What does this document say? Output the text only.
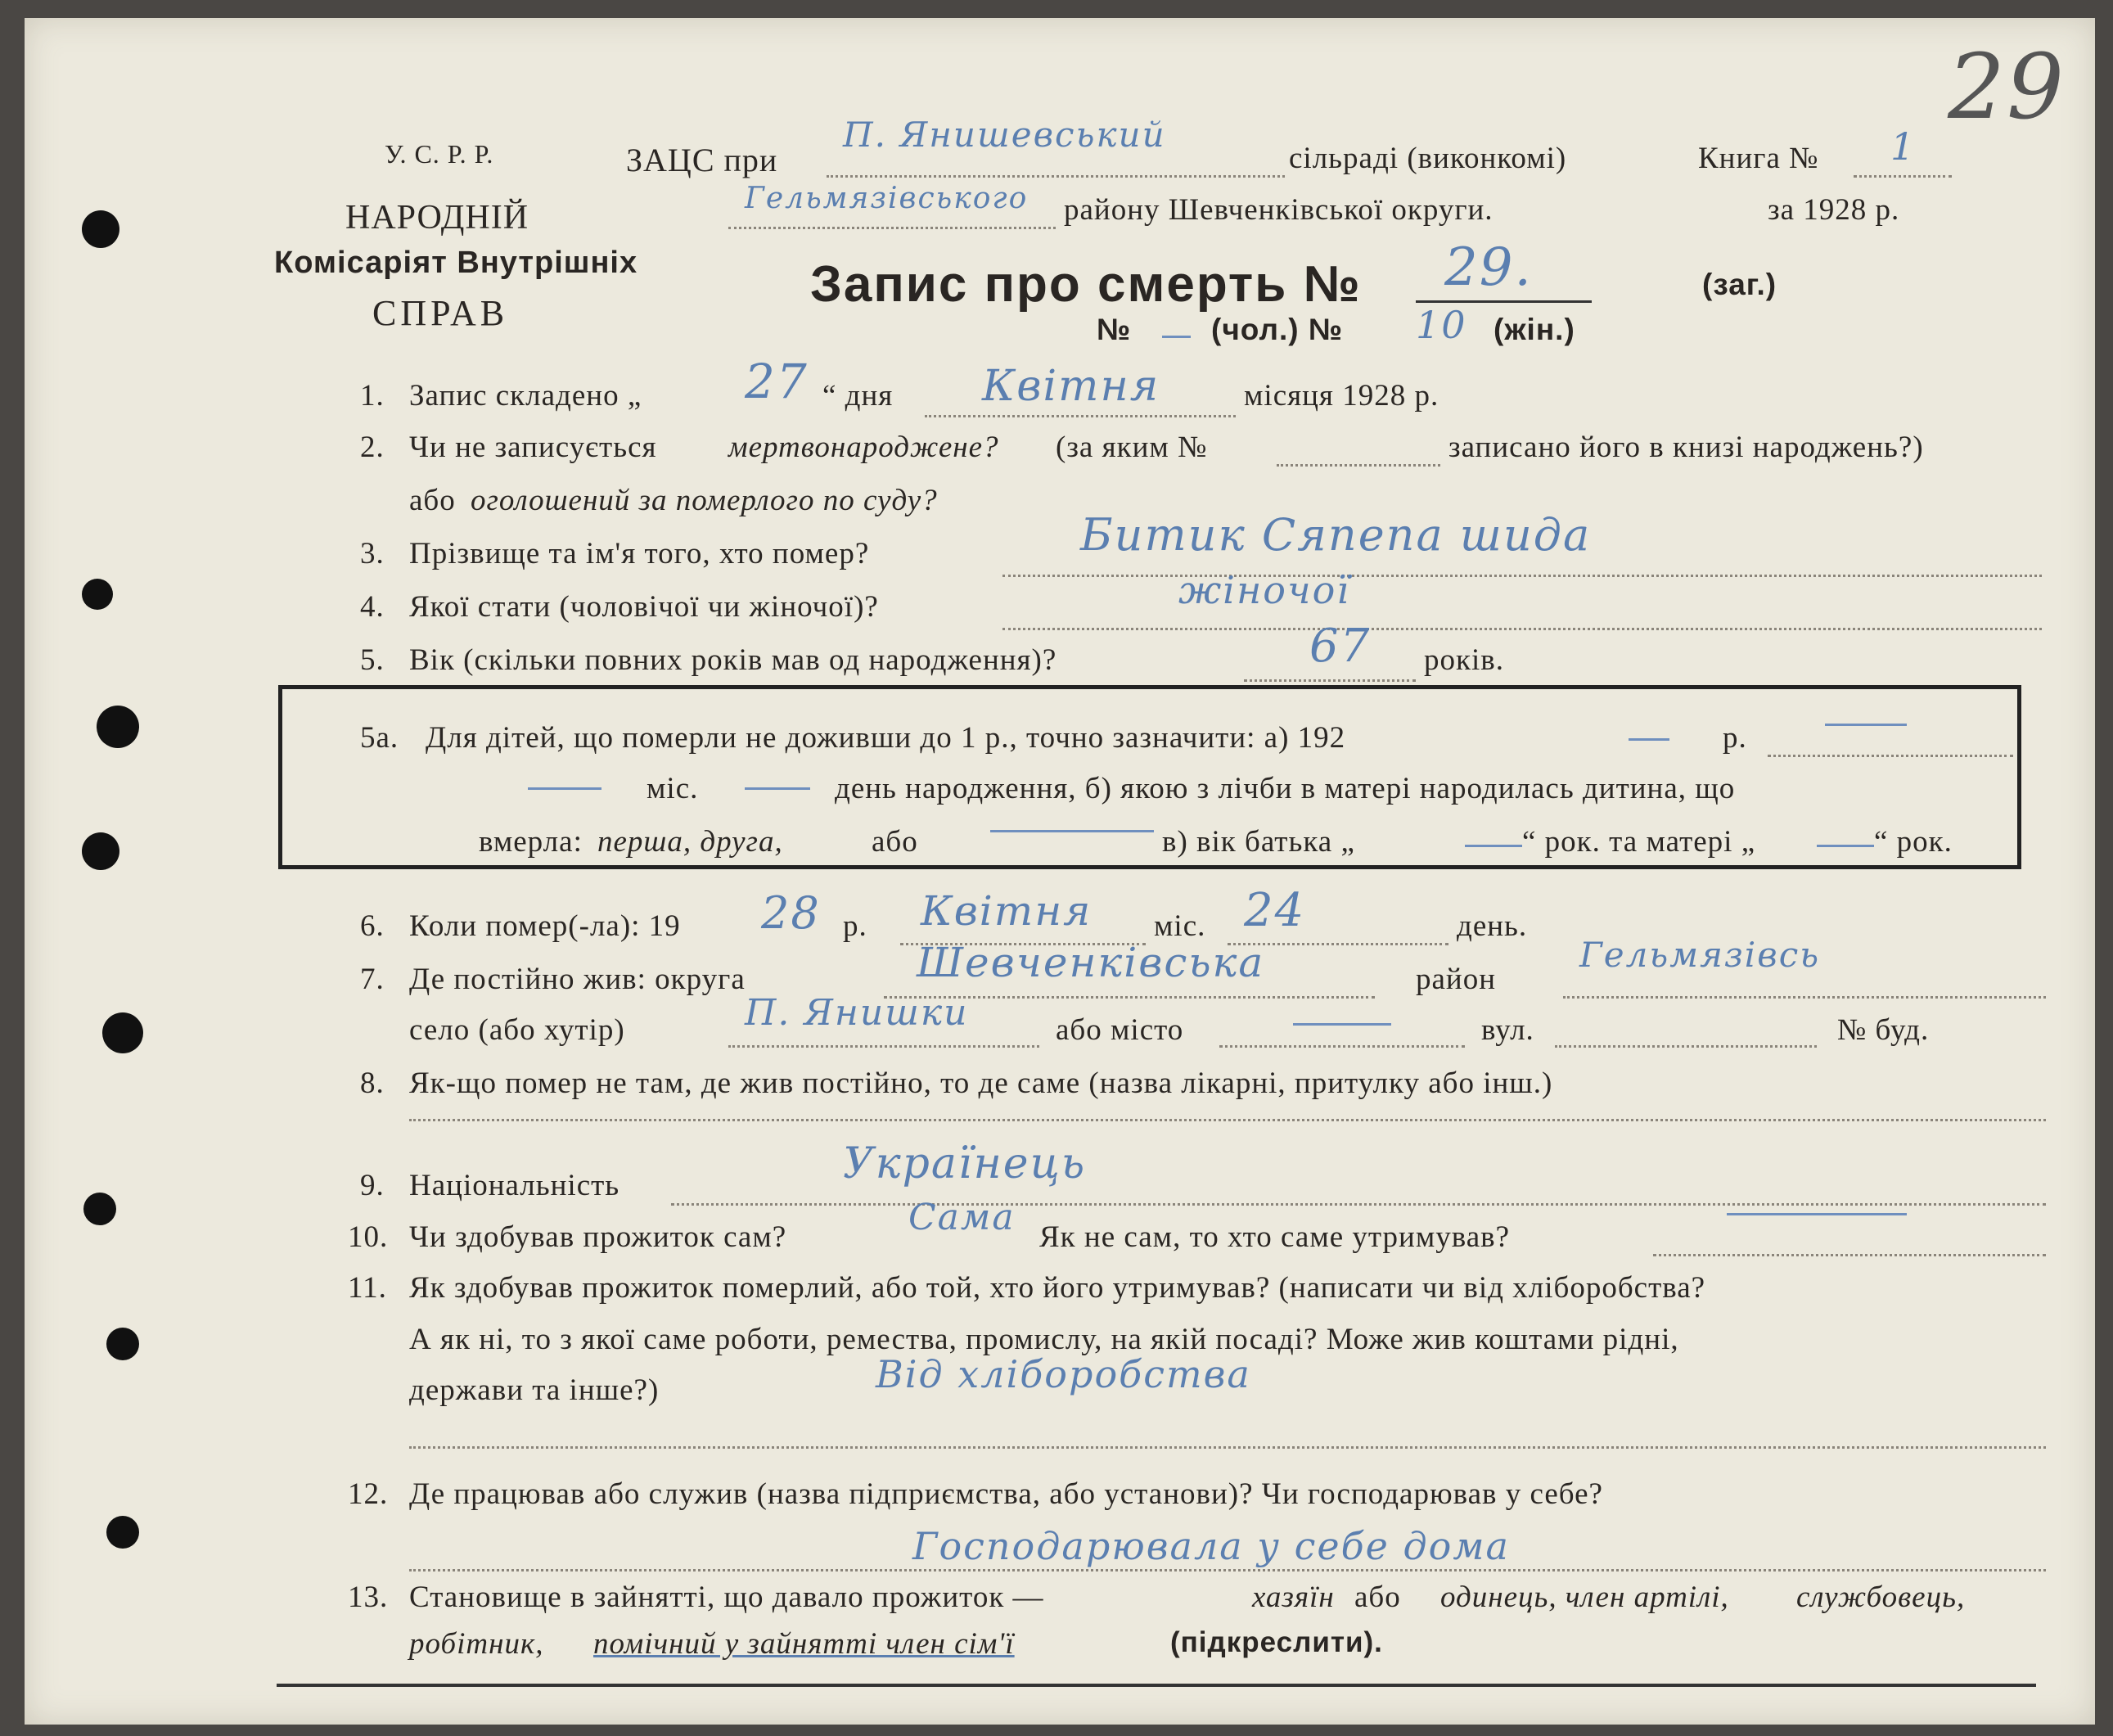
29
У. С. Р. Р.
НАРОДНІЙ
Комісаріят Внутрішніх
СПРАВ
ЗАЦС при
П. Янишевський
сільраді (виконкомі)	Книга № 1
Гельмязівського району Шевченківської округи.	за 1928 р.
Запис про смерть № 29.	(заг.)
№	(чол.) № 10 (жін.)
1. Запис складено „ 27 “ дня Квітня	місяця 1928 р.
2. Чи не записується мертвонароджене? (за яким №	записано його в книзі народжень?)
або оголошений за померлого по суду?
3. Прізвище та ім'я того, хто помер?	Битик Сяпепа шида
4. Якої стати (чоловічої чи жіночої)?	жіночої
5. Вік (скільки повних років мав од народження)?	67 років.
5а. Для дітей, що померли не доживши до 1 р., точно зазначити: а) 192	р.
міс.	день народження, б) якою з лічби в матері народилась дитина, що
вмерла: перша, друга,	або	в) вік батька „	“ рок. та матері „	“ рок.
6. Коли помер(-ла): 19 28 р. Квітня міс. 24	день.
7. Де постійно жив: округа	Шевченківська	район
Гельмязівсь
село (або хутір)	П. Янишки	або місто	вул.	№ буд.
8. Як-що помер не там, де жив постійно, то де саме (назва лікарні, притулку або інш.)
9. Національність	Українець
10. Чи здобував прожиток сам?	Сама Як не сам, то хто саме утримував?
11. Як здобував прожиток померлий, або той, хто його утримував? (написати чи від хліборобства?
А як ні, то з якої саме роботи, ремества, промислу, на якій посаді? Може жив коштами рідні,
держави та інше?)	Від хліборобства
12. Де працював або служив (назва підприємства, або установи)? Чи господарював у себе?
Господарювала у себе дома
13. Становище в зайнятті, що давало прожиток —	хазяїн або одинець, член артілі, службовець,
робітник, помічний у зайнятті член сім'ї	(підкреслити).
